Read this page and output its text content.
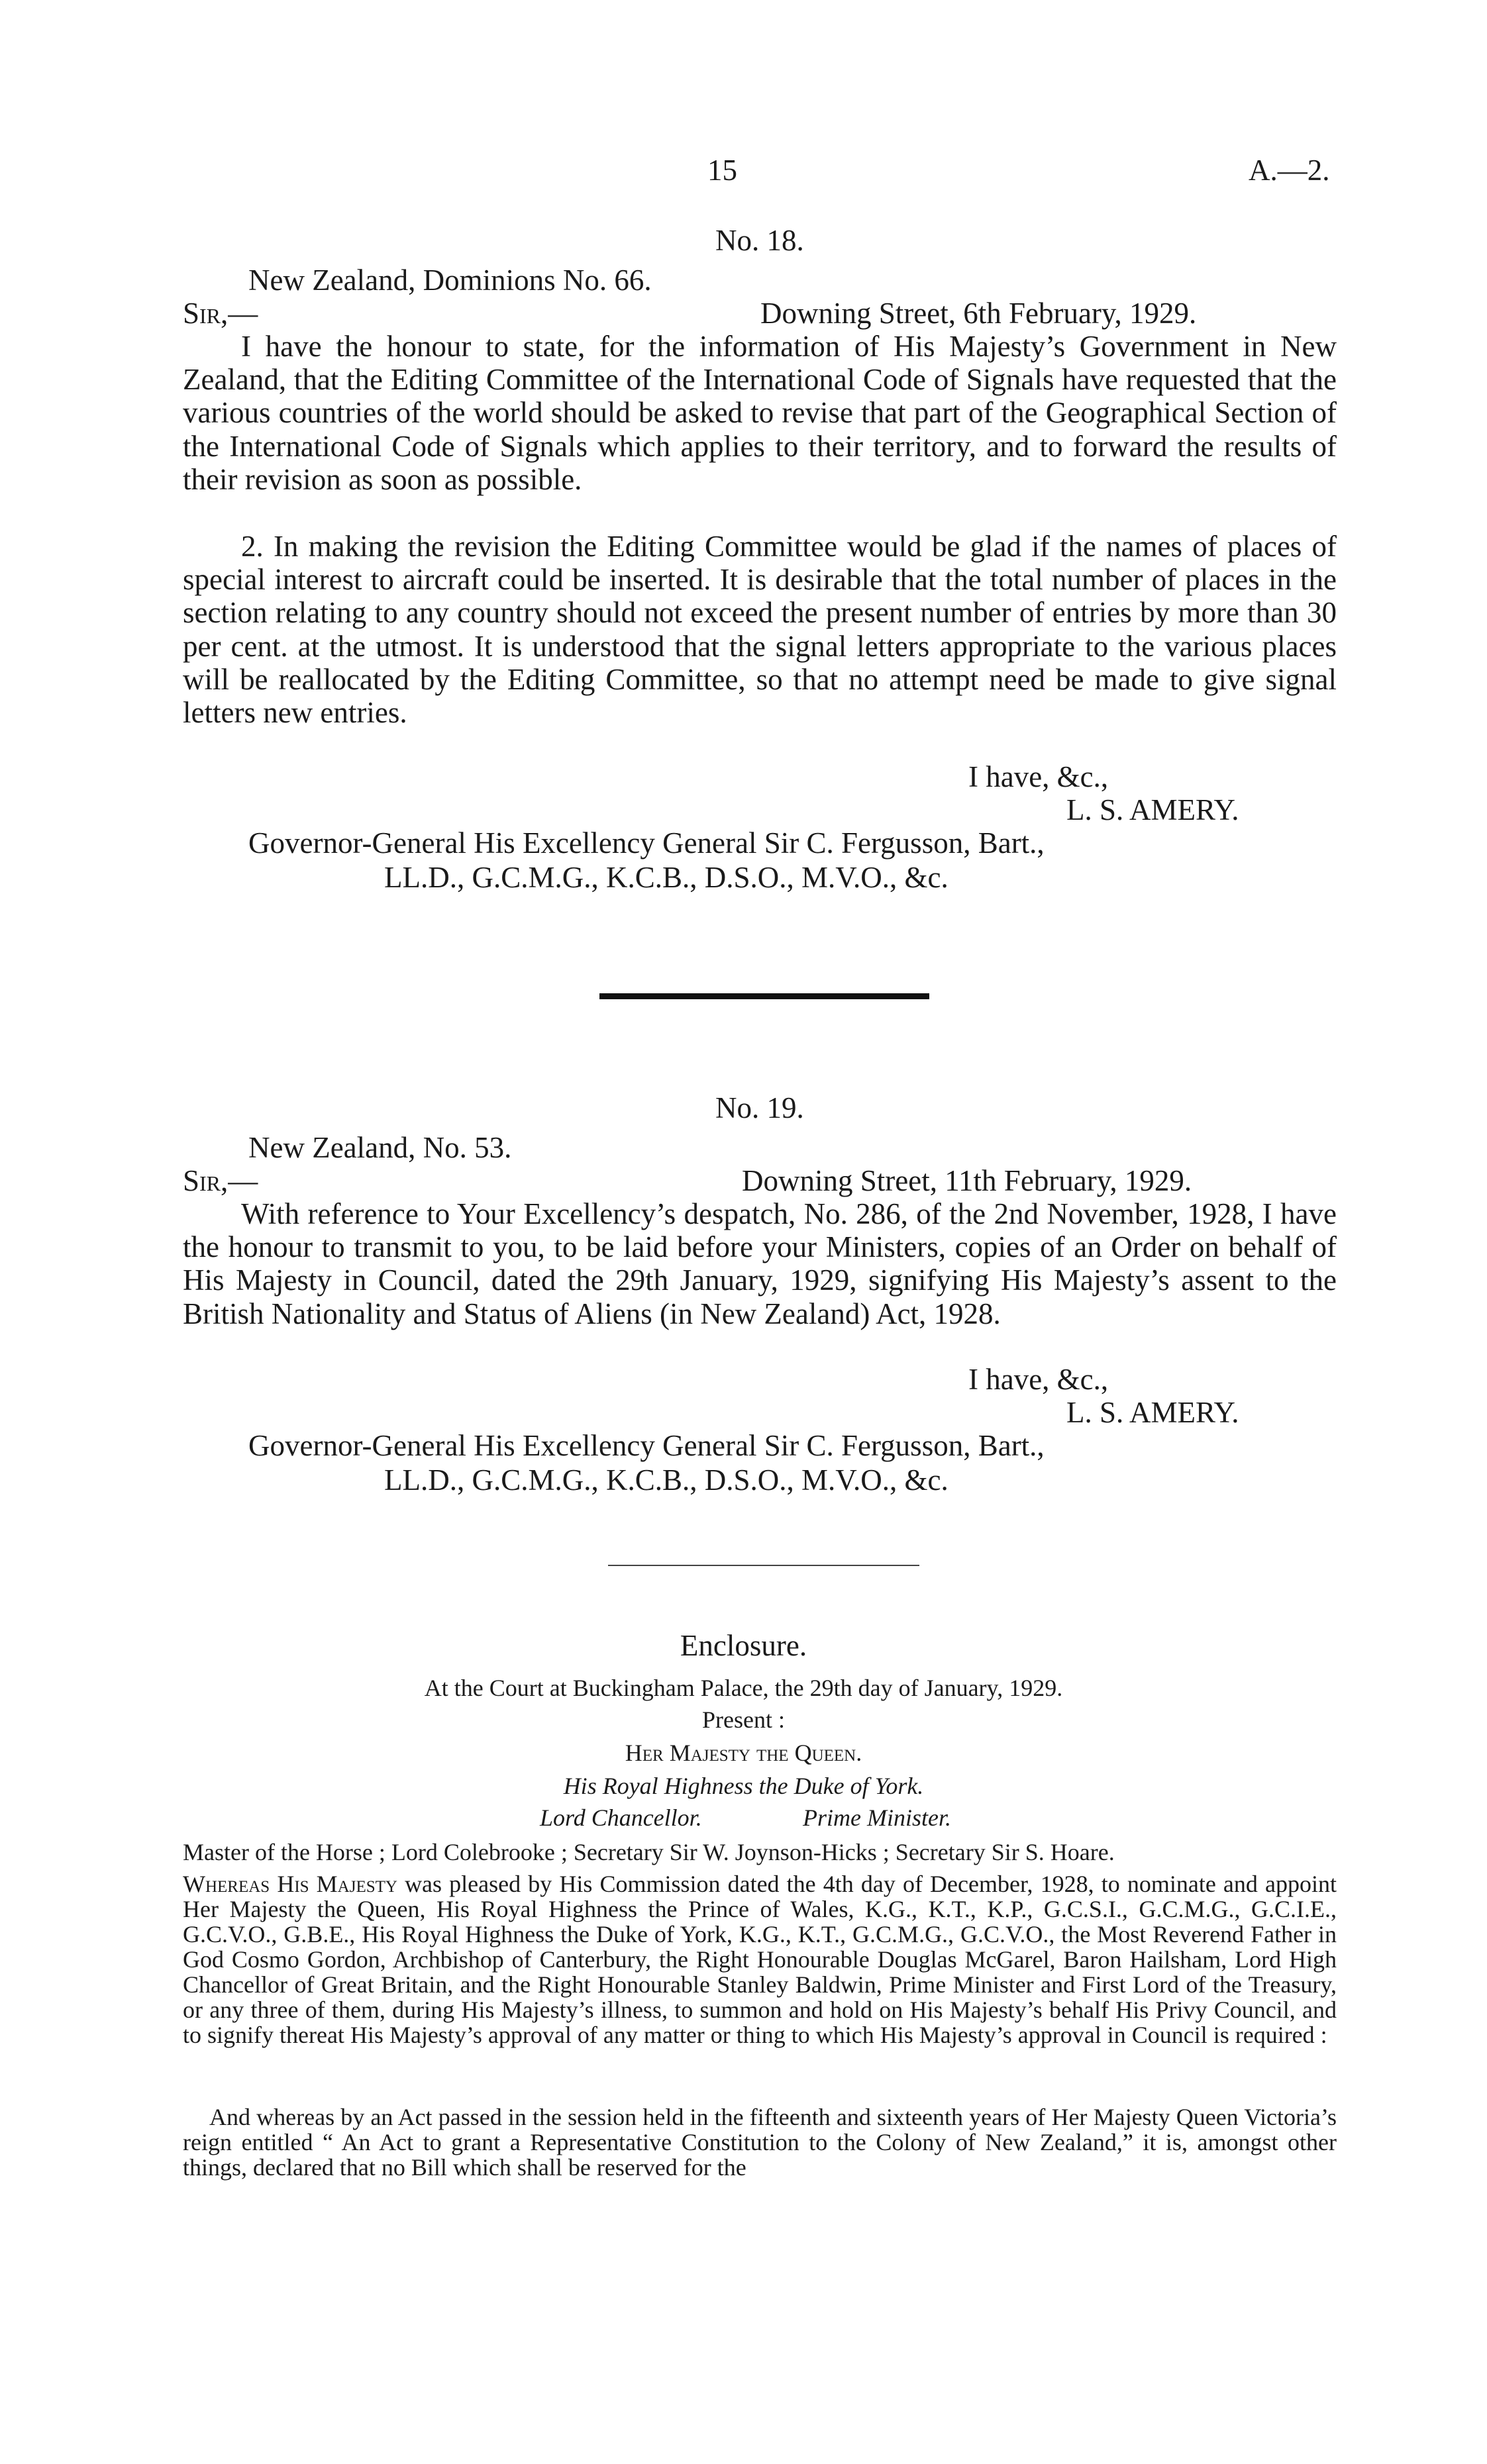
15	A.—2.
No. 18.
New Zealand, Dominions No. 66.
Sir,—	Downing Street, 6th February, 1929.

I have the honour to state, for the information of His Majesty’s Government in New Zealand, that the Editing Committee of the International Code of Signals have requested that the various countries of the world should be asked to revise that part of the Geographical Section of the International Code of Signals which applies to their territory, and to forward the results of their revision as soon as possible.

2. In making the revision the Editing Committee would be glad if the names of places of special interest to aircraft could be inserted. It is desirable that the total number of places in the section relating to any country should not exceed the present number of entries by more than 30 per cent. at the utmost. It is understood that the signal letters appropriate to the various places will be reallocated by the Editing Committee, so that no attempt need be made to give signal letters new entries.

I have, &c.,
L. S. AMERY.
Governor-General His Excellency General Sir C. Fergusson, Bart.,
LL.D., G.C.M.G., K.C.B., D.S.O., M.V.O., &c.
No. 19.
New Zealand, No. 53.
Sir,—	Downing Street, 11th February, 1929.

With reference to Your Excellency’s despatch, No. 286, of the 2nd November, 1928, I have the honour to transmit to you, to be laid before your Ministers, copies of an Order on behalf of His Majesty in Council, dated the 29th January, 1929, signifying His Majesty’s assent to the British Nationality and Status of Aliens (in New Zealand) Act, 1928.

I have, &c.,
L. S. AMERY.
Governor-General His Excellency General Sir C. Fergusson, Bart.,
LL.D., G.C.M.G., K.C.B., D.S.O., M.V.O., &c.
Enclosure.
At the Court at Buckingham Palace, the 29th day of January, 1929.
Present :
Her Majesty the Queen.
His Royal Highness the Duke of York.
Lord Chancellor.	Prime Minister.

Master of the Horse ; Lord Colebrooke ; Secretary Sir W. Joynson-Hicks ; Secretary Sir S. Hoare.

Whereas His Majesty was pleased by His Commission dated the 4th day of December, 1928, to nominate and appoint Her Majesty the Queen, His Royal Highness the Prince of Wales, K.G., K.T., K.P., G.C.S.I., G.C.M.G., G.C.I.E., G.C.V.O., G.B.E., His Royal Highness the Duke of York, K.G., K.T., G.C.M.G., G.C.V.O., the Most Reverend Father in God Cosmo Gordon, Archbishop of Canterbury, the Right Honourable Douglas McGarel, Baron Hailsham, Lord High Chancellor of Great Britain, and the Right Honourable Stanley Baldwin, Prime Minister and First Lord of the Treasury, or any three of them, during His Majesty’s illness, to summon and hold on His Majesty’s behalf His Privy Council, and to signify thereat His Majesty’s approval of any matter or thing to which His Majesty’s approval in Council is required :

And whereas by an Act passed in the session held in the fifteenth and sixteenth years of Her Majesty Queen Victoria’s reign entitled “ An Act to grant a Representative Constitution to the Colony of New Zealand,” it is, amongst other things, declared that no Bill which shall be reserved for the
